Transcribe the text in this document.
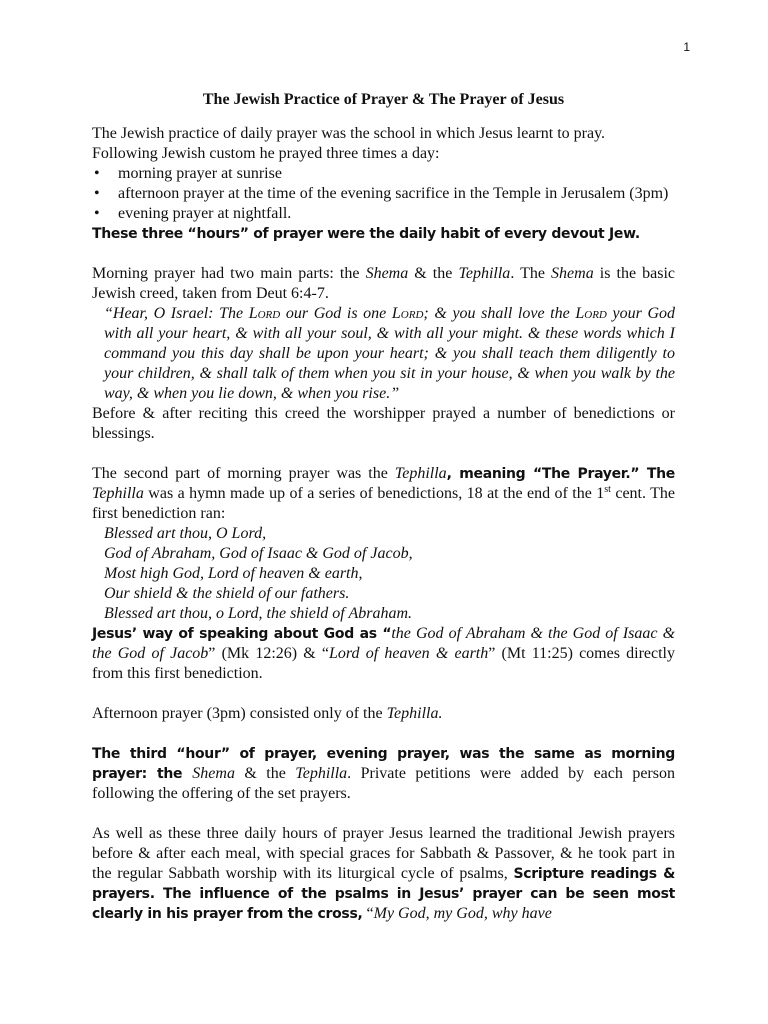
1
The Jewish Practice of Prayer & The Prayer of Jesus

The Jewish practice of daily prayer was the school in which Jesus learnt to pray.

Following Jewish custom he prayed three times a day:

• morning prayer at sunrise
• afternoon prayer at the time of the evening sacrifice in the Temple in Jerusalem (3pm)
• evening prayer at nightfall.

These three “hours” of prayer were the daily habit of every devout Jew.

Morning prayer had two main parts: the Shema & the Tephilla. The Shema is the basic Jewish creed, taken from Deut 6:4-7.

“Hear, O Israel: The Lord our God is one Lord; & you shall love the Lord your God with all your heart, & with all your soul, & with all your might. & these words which I command you this day shall be upon your heart; & you shall teach them diligently to your children, & shall talk of them when you sit in your house, & when you walk by the way, & when you lie down, & when you rise.”

Before & after reciting this creed the worshipper prayed a number of benedictions or blessings.

The second part of morning prayer was the Tephilla, meaning “The Prayer.” The Tephilla was a hymn made up of a series of benedictions, 18 at the end of the 1st cent. The first benediction ran:

Blessed art thou, O Lord,
God of Abraham, God of Isaac & God of Jacob,
Most high God, Lord of heaven & earth,
Our shield & the shield of our fathers.
Blessed art thou, o Lord, the shield of Abraham.

Jesus’ way of speaking about God as “the God of Abraham & the God of Isaac & the God of Jacob” (Mk 12:26) & “Lord of heaven & earth” (Mt 11:25) comes directly from this first benediction.

Afternoon prayer (3pm) consisted only of the Tephilla.

The third “hour” of prayer, evening prayer, was the same as morning prayer: the Shema & the Tephilla. Private petitions were added by each person following the offering of the set prayers.

As well as these three daily hours of prayer Jesus learned the traditional Jewish prayers before & after each meal, with special graces for Sabbath & Passover, & he took part in the regular Sabbath worship with its liturgical cycle of psalms, Scripture readings & prayers. The influence of the psalms in Jesus’ prayer can be seen most clearly in his prayer from the cross, “My God, my God, why have
